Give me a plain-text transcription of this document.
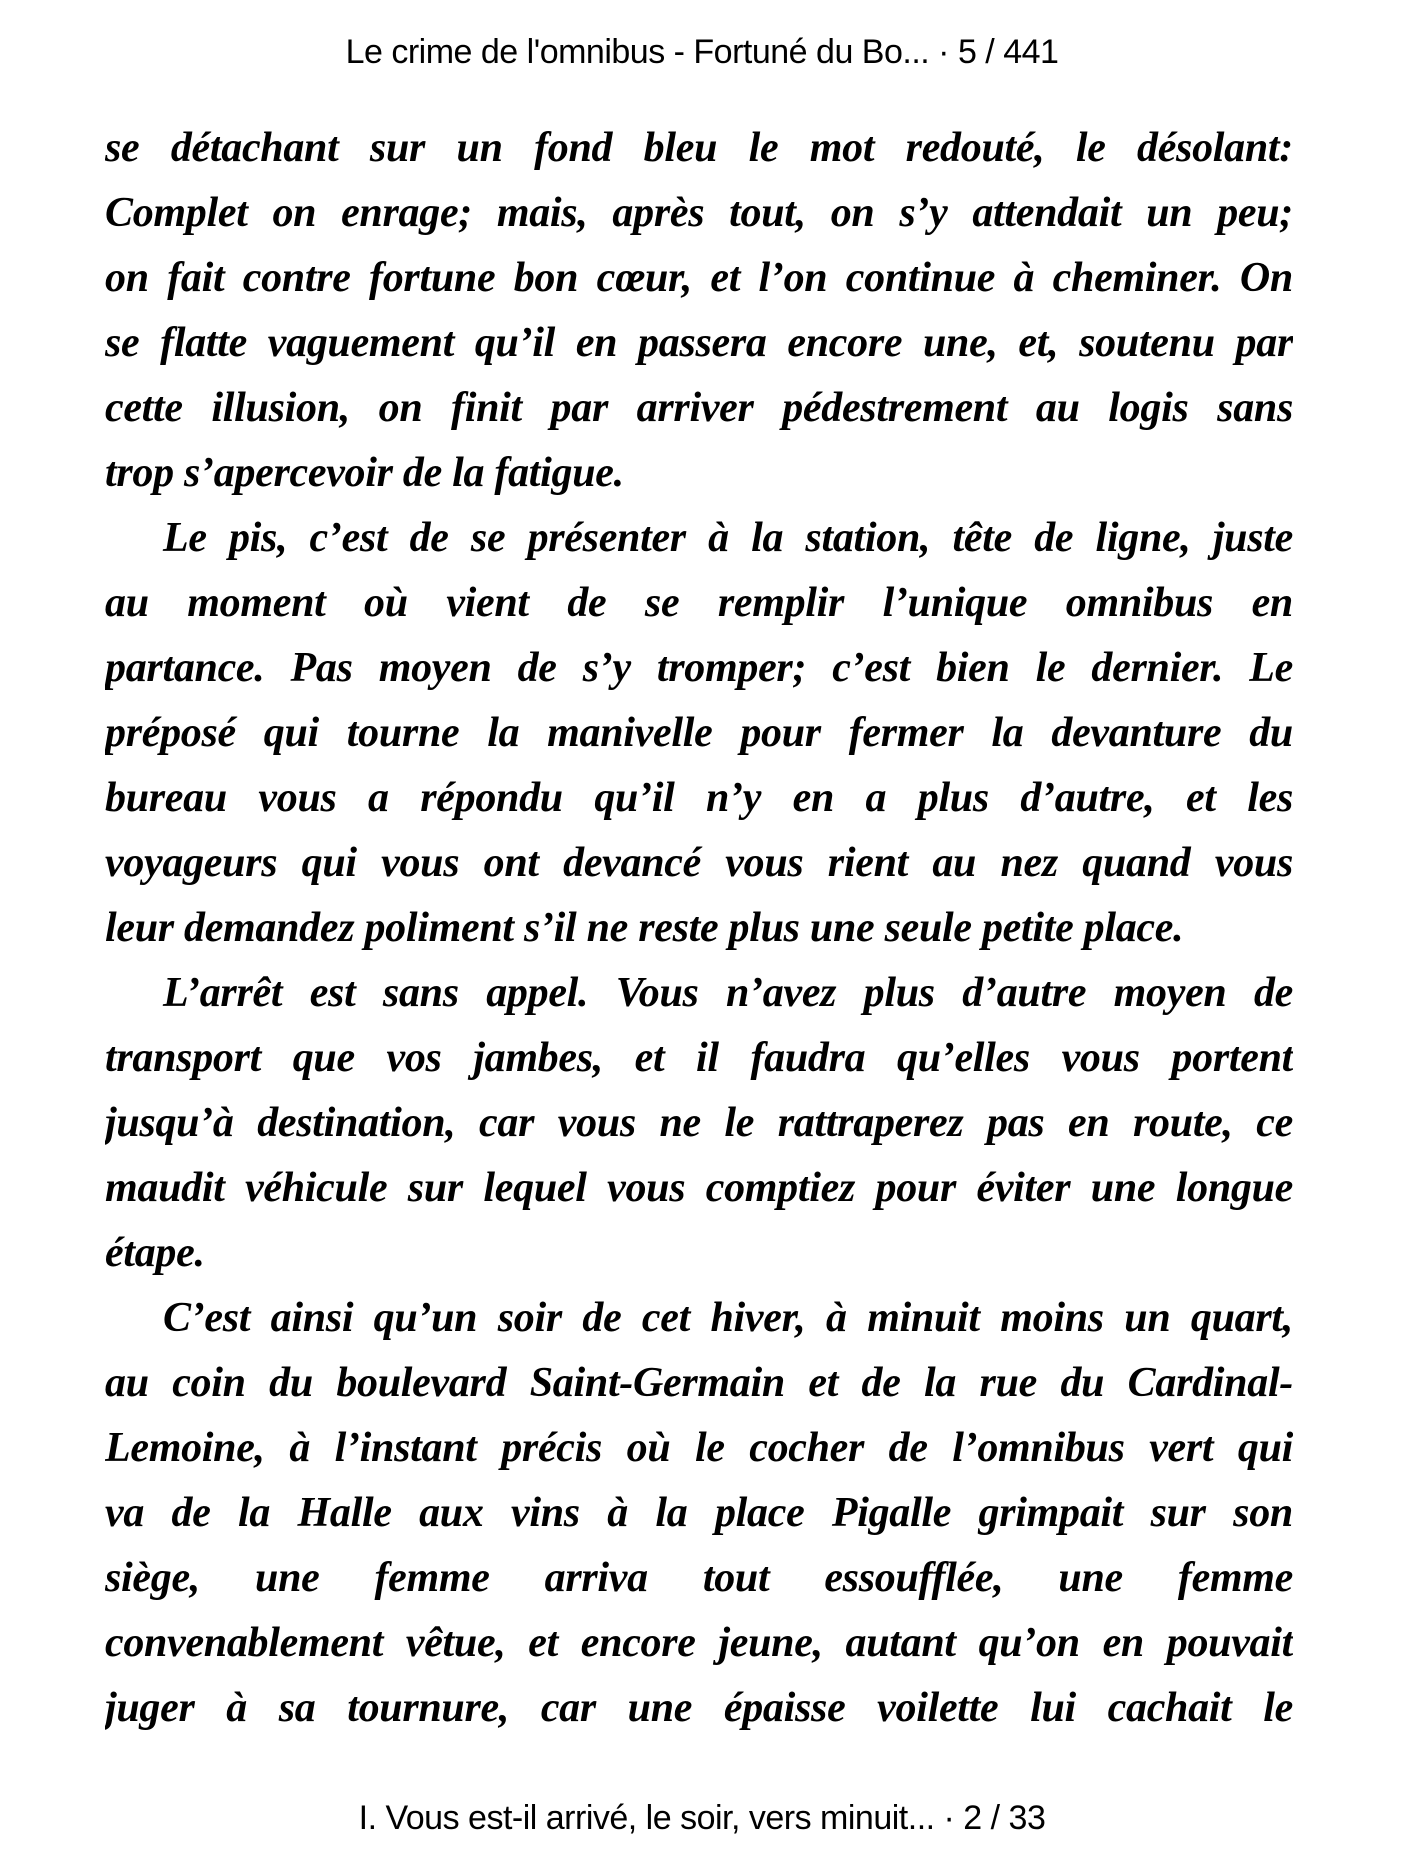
Le crime de l'omnibus - Fortuné du Bo... · 5 / 441
se détachant sur un fond bleu le mot redouté, le désolant:
Complet on enrage; mais, après tout, on s’y attendait un peu;
on fait contre fortune bon cœur, et l’on continue à cheminer. On
se flatte vaguement qu’il en passera encore une, et, soutenu par
cette illusion, on finit par arriver pédestrement au logis sans
trop s’apercevoir de la fatigue.
Le pis, c’est de se présenter à la station, tête de ligne, juste
au moment où vient de se remplir l’unique omnibus en
partance. Pas moyen de s’y tromper; c’est bien le dernier. Le
préposé qui tourne la manivelle pour fermer la devanture du
bureau vous a répondu qu’il n’y en a plus d’autre, et les
voyageurs qui vous ont devancé vous rient au nez quand vous
leur demandez poliment s’il ne reste plus une seule petite place.
L’arrêt est sans appel. Vous n’avez plus d’autre moyen de
transport que vos jambes, et il faudra qu’elles vous portent
jusqu’à destination, car vous ne le rattraperez pas en route, ce
maudit véhicule sur lequel vous comptiez pour éviter une longue
étape.
C’est ainsi qu’un soir de cet hiver, à minuit moins un quart,
au coin du boulevard Saint-Germain et de la rue du Cardinal-
Lemoine, à l’instant précis où le cocher de l’omnibus vert qui
va de la Halle aux vins à la place Pigalle grimpait sur son
siège, une femme arriva tout essoufflée, une femme
convenablement vêtue, et encore jeune, autant qu’on en pouvait
juger à sa tournure, car une épaisse voilette lui cachait le
I. Vous est-il arrivé, le soir, vers minuit... · 2 / 33
